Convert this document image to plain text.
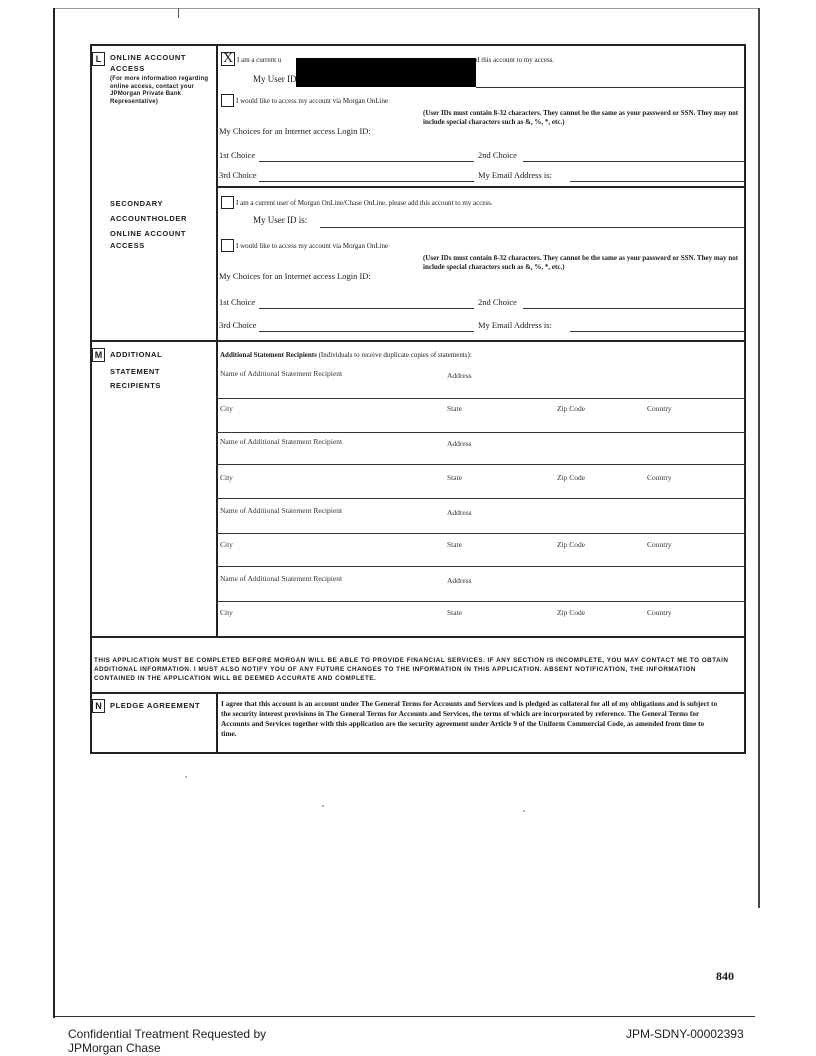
L	ONLINE ACCOUNT ACCESS
(For more information regarding online access, contact your JPMorgan Private Bank Representative)
X I am a current u	d this account to my access.
My User ID
I would like to access my account via Morgan OnLine
(User IDs must contain 8-32 characters. They cannot be the same as your password or SSN. They may not include special characters such as &, %, *, etc.)
My Choices for an Internet access Login ID:
1st Choice	2nd Choice
3rd Choice	My Email Address is:
SECONDARY
ACCOUNTHOLDER
ONLINE ACCOUNT
ACCESS
I am a current user of Morgan OnLine/Chase OnLine, please add this account to my access.
My User ID is:
I would like to access my account via Morgan OnLine
(User IDs must contain 8-32 characters. They cannot be the same as your password or SSN. They may not include special characters such as &, %, *, etc.)
My Choices for an Internet access Login ID:
1st Choice	2nd Choice
3rd Choice	My Email Address is:
M	ADDITIONAL
STATEMENT
RECIPIENTS
Additional Statement Recipients (Individuals to receive duplicate copies of statements):
Name of Additional Statement Recipient	Address
City	State	Zip Code	Country
Name of Additional Statement Recipient	Address
City	State	Zip Code	Country
Name of Additional Statement Recipient	Address
City	State	Zip Code	Country
Name of Additional Statement Recipient	Address
City	State	Zip Code	Country
THIS APPLICATION MUST BE COMPLETED BEFORE MORGAN WILL BE ABLE TO PROVIDE FINANCIAL SERVICES. IF ANY SECTION IS INCOMPLETE, YOU MAY CONTACT ME TO OBTAIN ADDITIONAL INFORMATION. I MUST ALSO NOTIFY YOU OF ANY FUTURE CHANGES TO THE INFORMATION IN THIS APPLICATION. ABSENT NOTIFICATION, THE INFORMATION CONTAINED IN THE APPLICATION WILL BE DEEMED ACCURATE AND COMPLETE.
N	PLEDGE AGREEMENT	I agree that this account is an account under The General Terms for Accounts and Services and is pledged as collateral for all of my obligations and is subject to the security interest provisions in The General Terms for Accounts and Services, the terms of which are incorporated by reference. The General Terms for Accounts and Services together with this application are the security agreement under Article 9 of the Uniform Commercial Code, as amended from time to time.
840
Confidential Treatment Requested by
JPMorgan Chase
JPM-SDNY-00002393
